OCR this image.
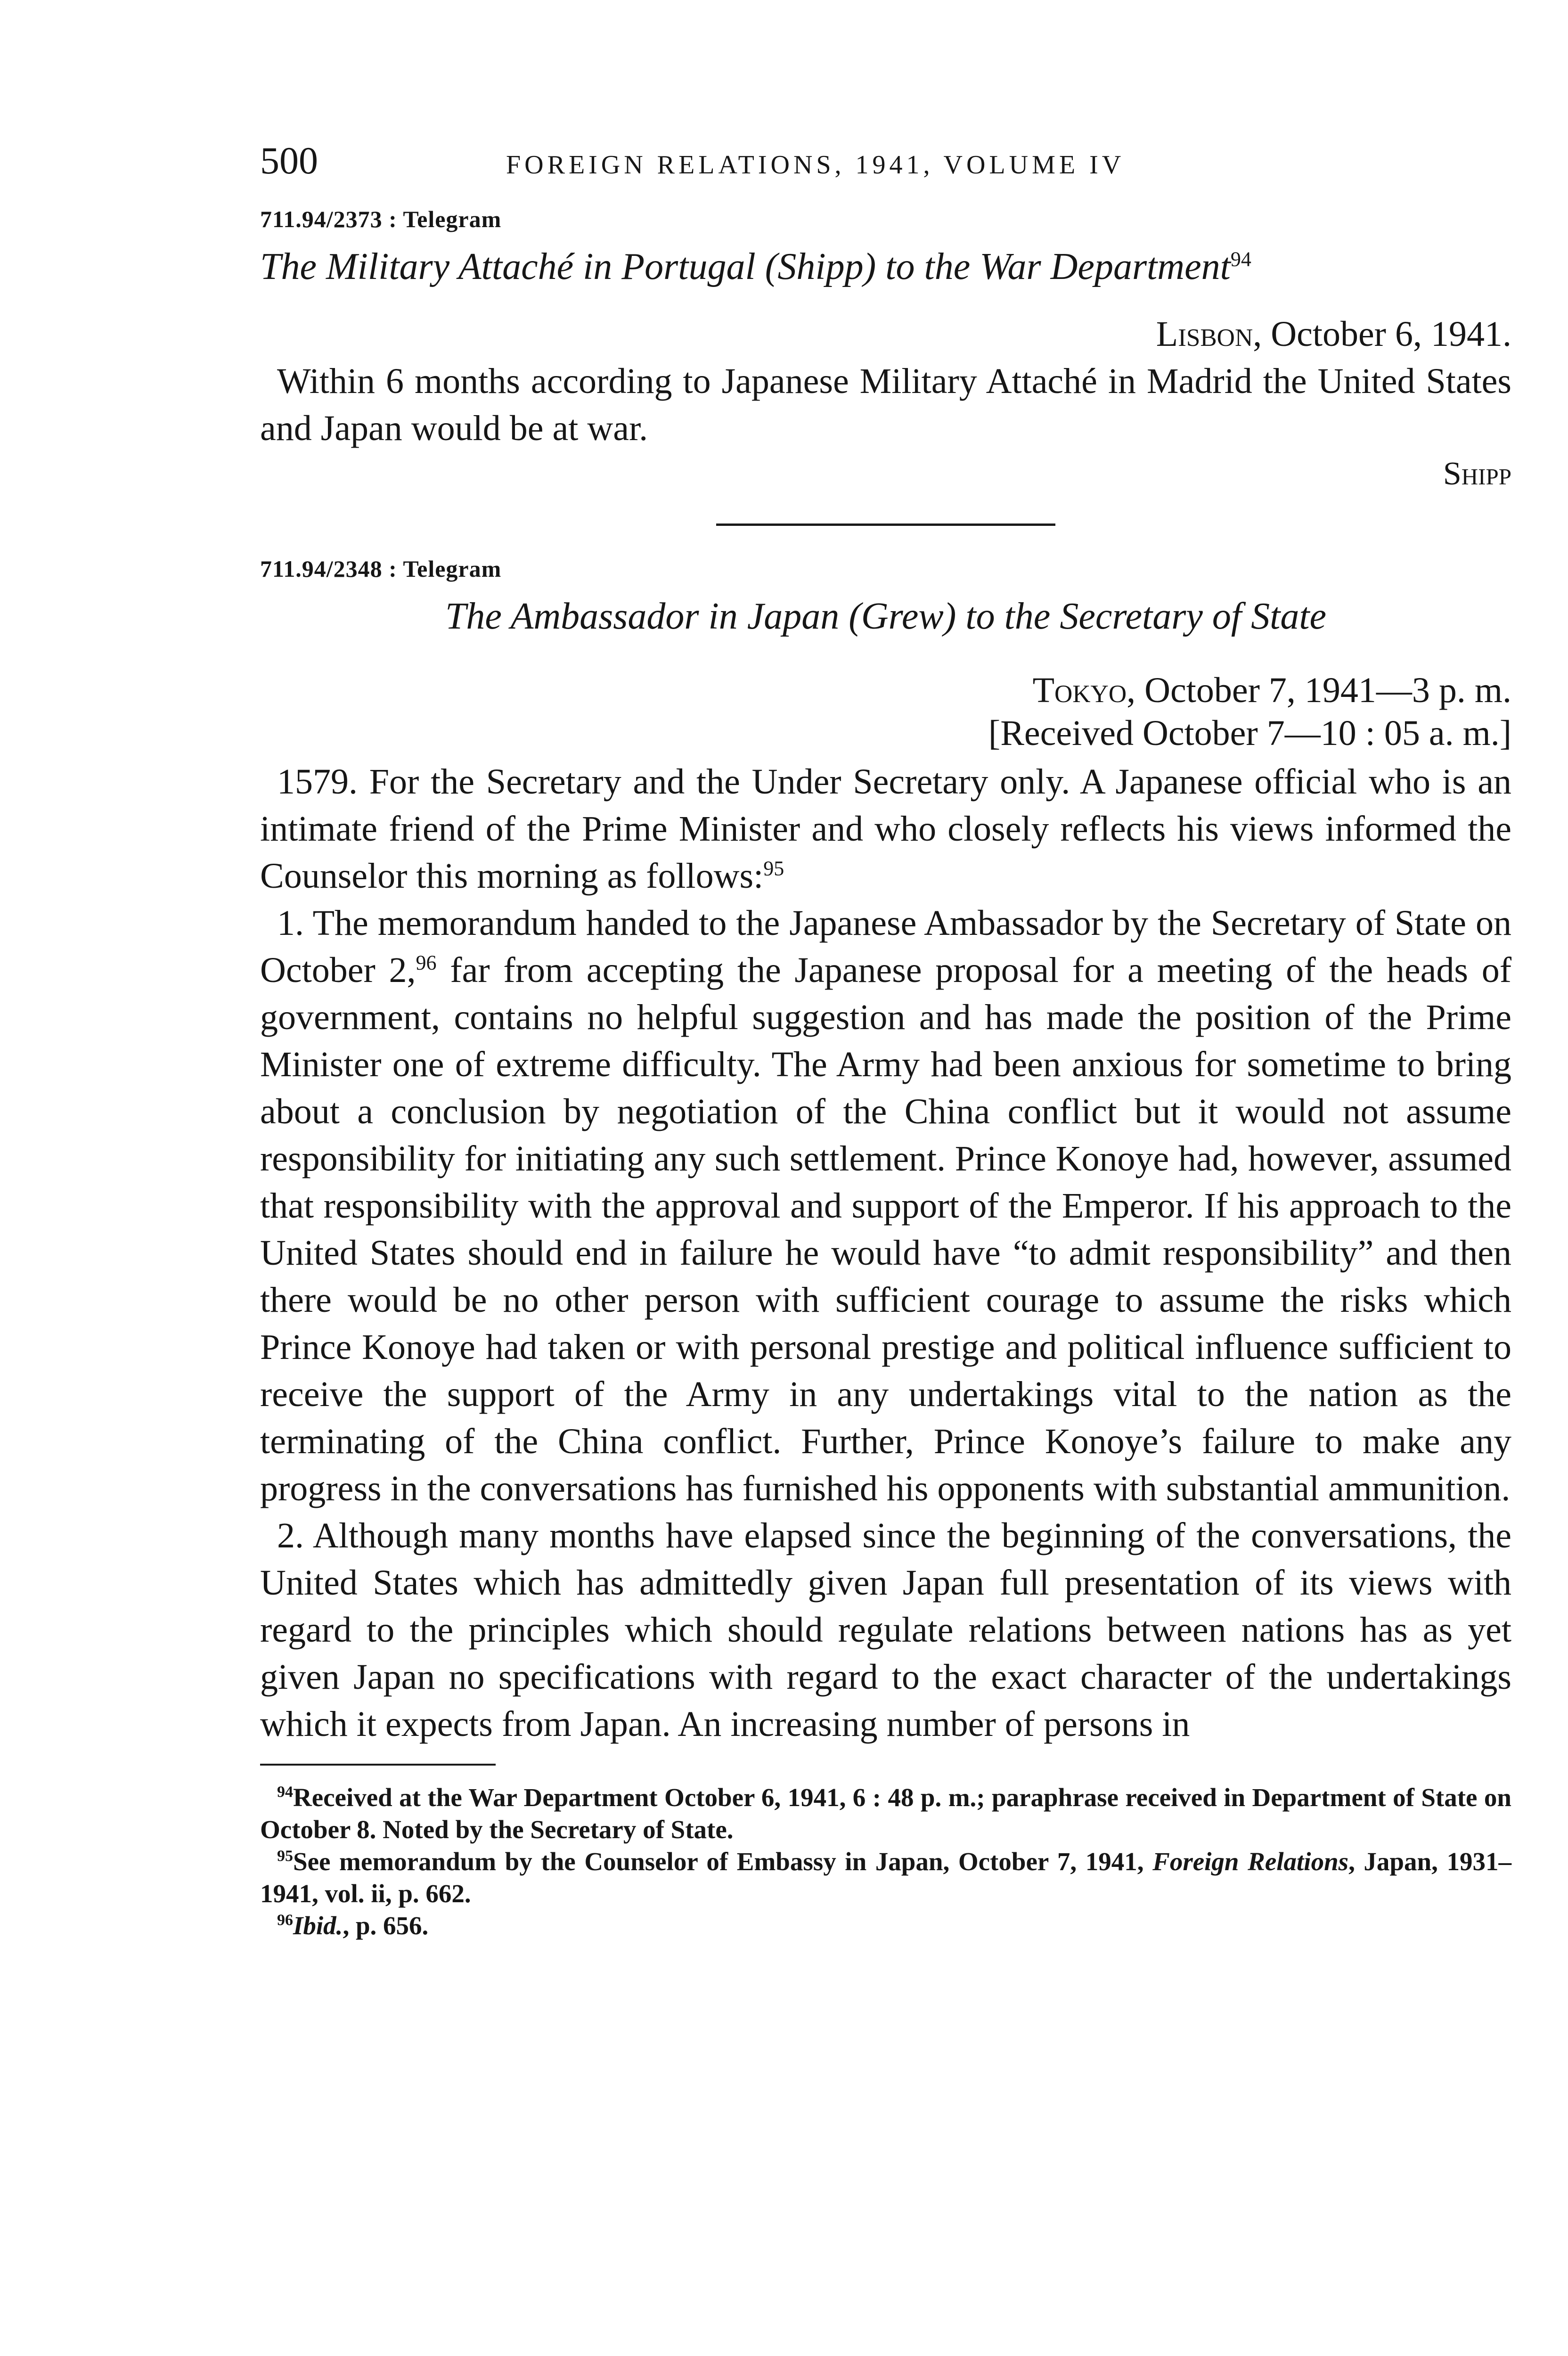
500	FOREIGN RELATIONS, 1941, VOLUME IV
711.94/2373 : Telegram
The Military Attaché in Portugal (Shipp) to the War Department$^{94}$
Lisbon, October 6, 1941.

Within 6 months according to Japanese Military Attaché in Madrid the United States and Japan would be at war.

Shipp
711.94/2348 : Telegram
The Ambassador in Japan (Grew) to the Secretary of State
Tokyo, October 7, 1941—3 p. m.
[Received October 7—10 : 05 a. m.]

1579. For the Secretary and the Under Secretary only. A Japanese official who is an intimate friend of the Prime Minister and who closely reflects his views informed the Counselor this morning as follows:$^{95}$

1. The memorandum handed to the Japanese Ambassador by the Secretary of State on October 2,96 far from accepting the Japanese proposal for a meeting of the heads of government, contains no helpful suggestion and has made the position of the Prime Minister one of extreme difficulty. The Army had been anxious for sometime to bring about a conclusion by negotiation of the China conflict but it would not assume responsibility for initiating any such settlement. Prince Konoye had, however, assumed that responsibility with the approval and support of the Emperor. If his approach to the United States should end in failure he would have “to admit responsibility” and then there would be no other person with sufficient courage to assume the risks which Prince Konoye had taken or with personal prestige and political influence sufficient to receive the support of the Army in any undertakings vital to the nation as the terminating of the China conflict. Further, Prince Konoye’s failure to make any progress in the conversations has furnished his opponents with substantial ammunition.

2. Although many months have elapsed since the beginning of the conversations, the United States which has admittedly given Japan full presentation of its views with regard to the principles which should regulate relations between nations has as yet given Japan no specifications with regard to the exact character of the undertakings which it expects from Japan. An increasing number of persons in

$^{94}$Received at the War Department October 6, 1941, 6 : 48 p. m.; paraphrase received in Department of State on October 8. Noted by the Secretary of State.

$^{95}$See memorandum by the Counselor of Embassy in Japan, October 7, 1941, Foreign Relations, Japan, 1931–1941, vol. ii, p. 662.

$^{96}$Ibid., p. 656.
